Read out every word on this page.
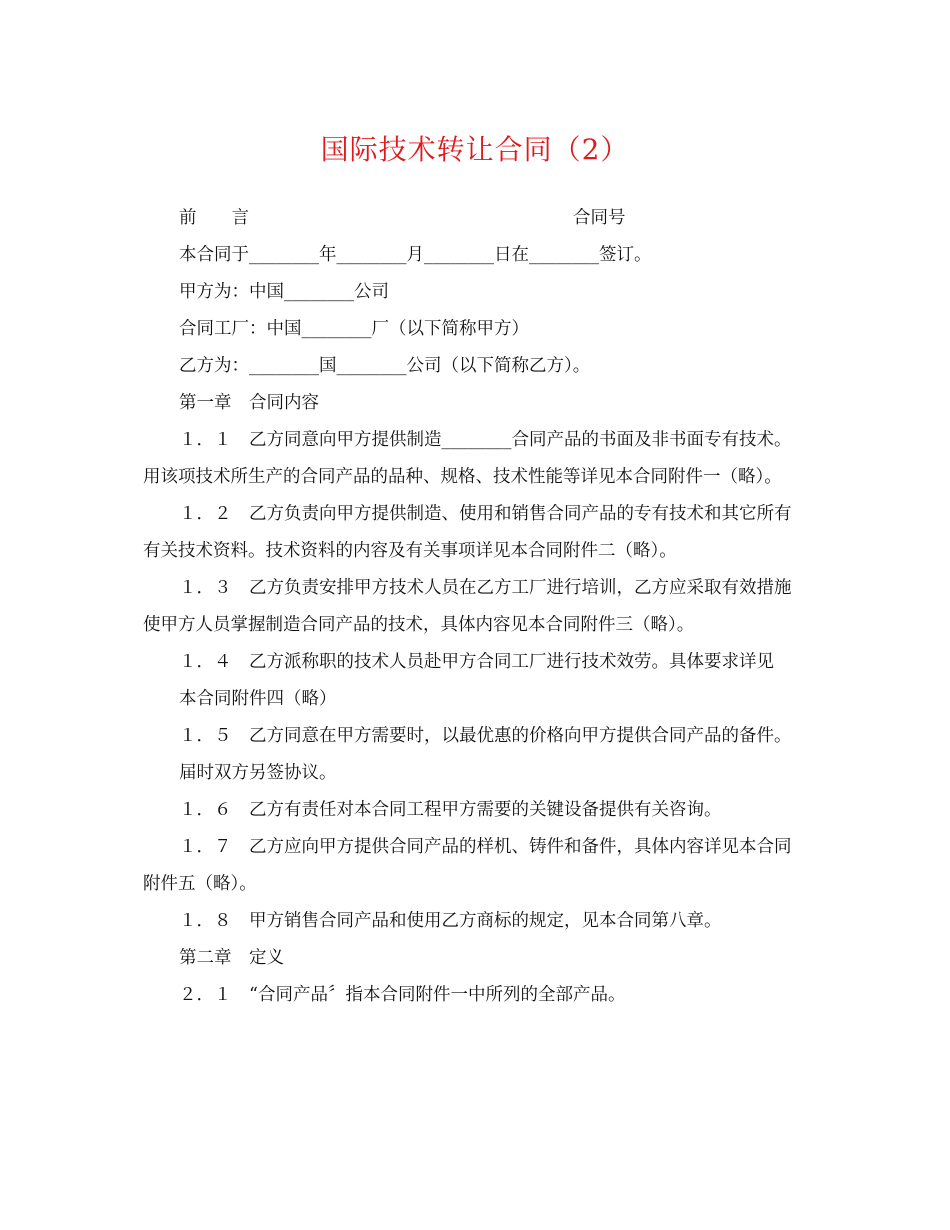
国际技术转让合同（2）
前　　言	合同号

本合同于________年________月________日在________签订。

甲方为：中国________公司

合同工厂：中国________厂（以下简称甲方）

乙方为：________国________公司（以下简称乙方）。

第一章　合同内容

１．１　乙方同意向甲方提供制造________合同产品的书面及非书面专有技术。用该项技术所生产的合同产品的品种、规格、技术性能等详见本合同附件一（略）。

１．２　乙方负责向甲方提供制造、使用和销售合同产品的专有技术和其它所有有关技术资料。技术资料的内容及有关事项详见本合同附件二（略）。

１．３　乙方负责安排甲方技术人员在乙方工厂进行培训，乙方应采取有效措施使甲方人员掌握制造合同产品的技术，具体内容见本合同附件三（略）。

１．４　乙方派称职的技术人员赴甲方合同工厂进行技术效劳。具体要求详见

本合同附件四（略）

１．５　乙方同意在甲方需要时，以最优惠的价格向甲方提供合同产品的备件。

届时双方另签协议。

１．６　乙方有责任对本合同工程甲方需要的关键设备提供有关咨询。

１．７　乙方应向甲方提供合同产品的样机、铸件和备件，具体内容详见本合同附件五（略）。

１．８　甲方销售合同产品和使用乙方商标的规定，见本合同第八章。

第二章　定义

２．１　“合同产品〞指本合同附件一中所列的全部产品。
